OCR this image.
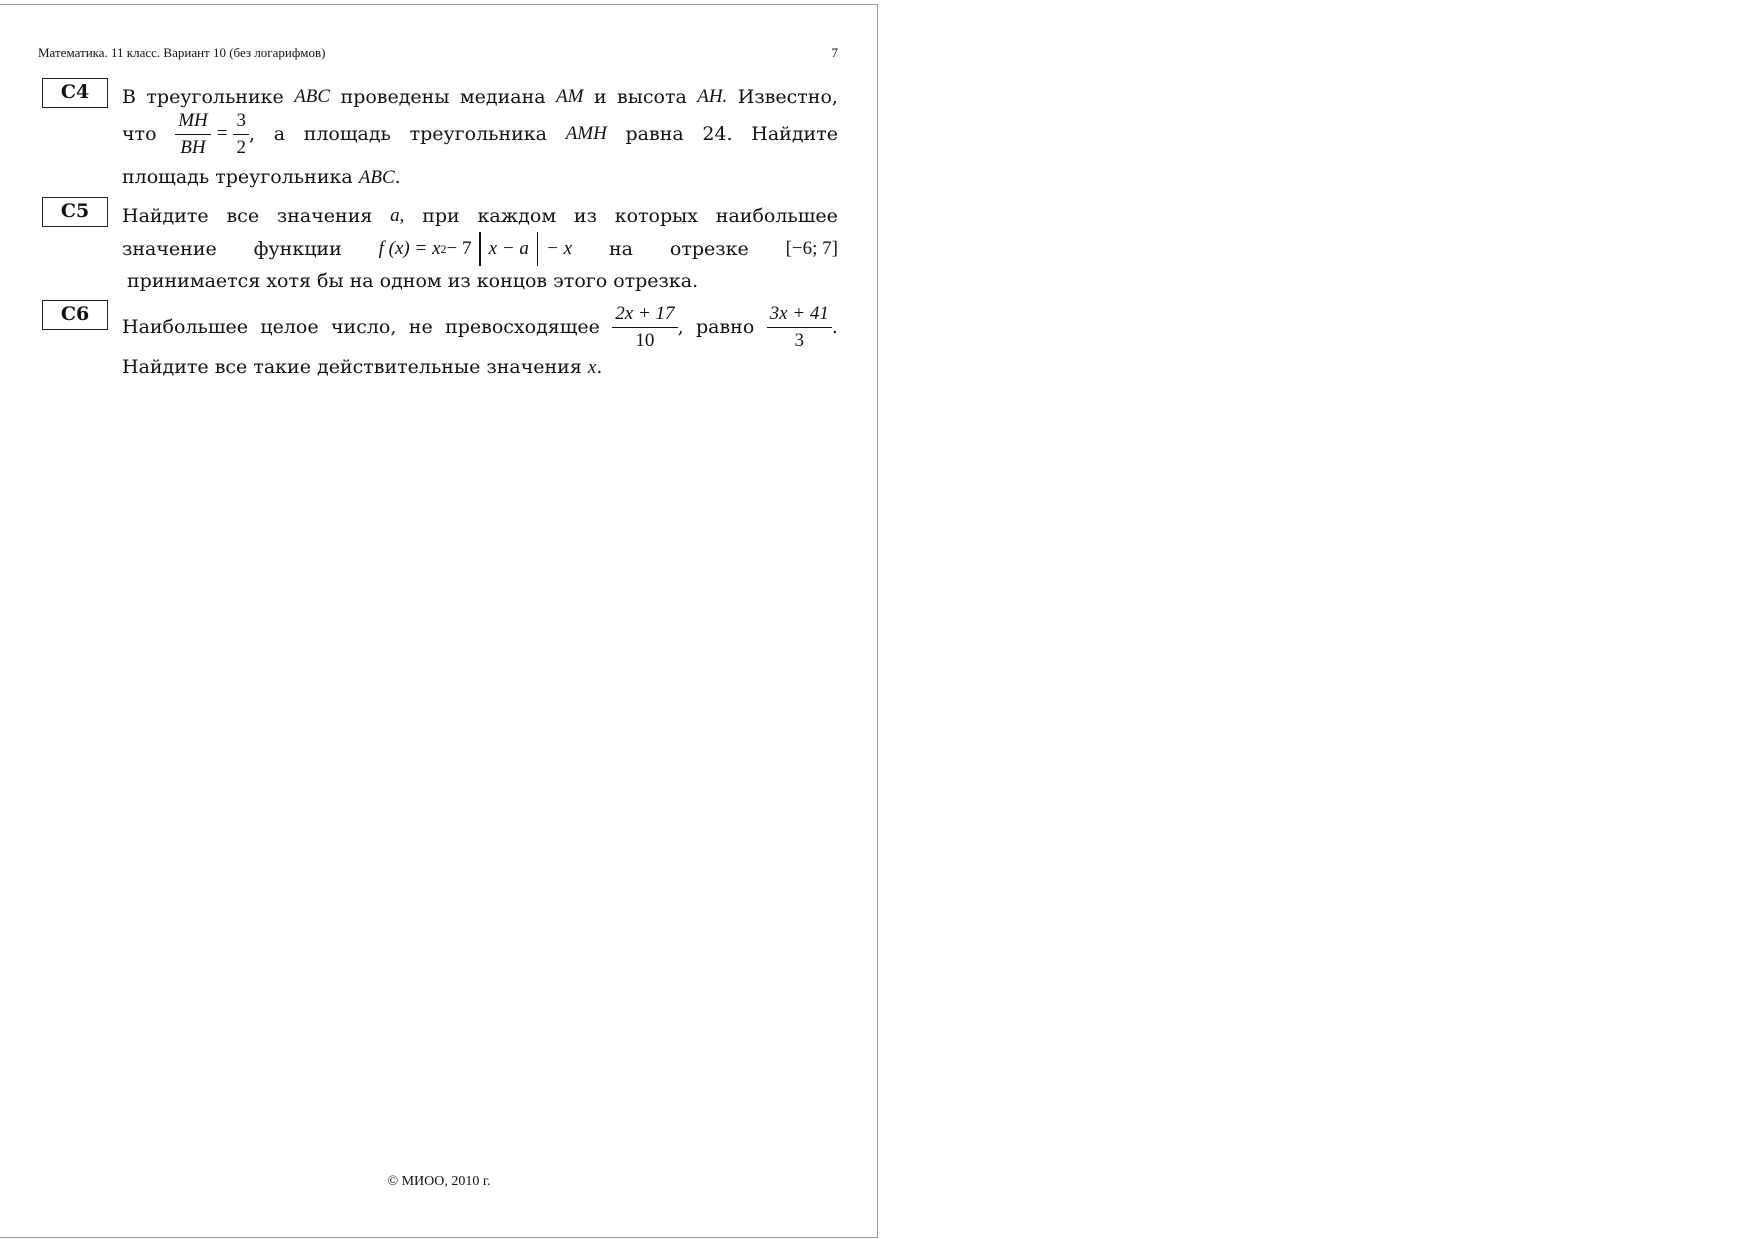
Математика. 11 класс. Вариант 10 (без логарифмов)	7
С4	В треугольнике ABC проведены медиана AM и высота AH. Известно,
что $\frac{MH}{BH} = \frac{3}{2}$ , а площадь треугольника AMH равна 24. Найдите
площадь треугольника ABC.
С5	Найдите все значения a, при каждом из которых наибольшее
значение функции f (x) = x 2 − 7 x − a − x на отрезке [−6; 7]
принимается хотя бы на одном из концов этого отрезка.
С6
Наибольшее целое число, не превосходящее $\frac{2x + 17}{10}$ , равно $\frac{3x + 41}{3}$ .
Найдите все такие действительные значения x.
© МИОО, 2010 г.
